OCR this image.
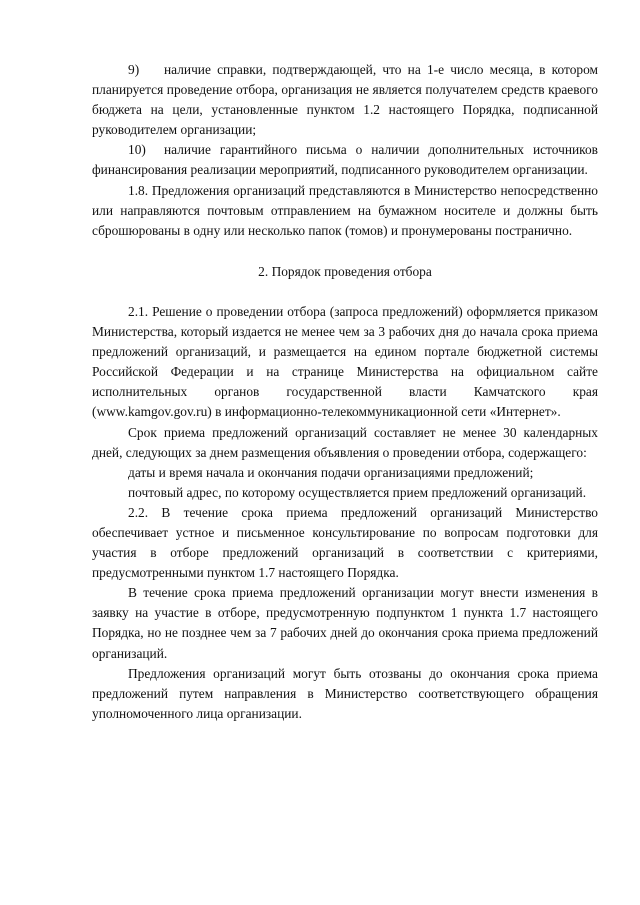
9) наличие справки, подтверждающей, что на 1-е число месяца, в котором планируется проведение отбора, организация не является получателем средств краевого бюджета на цели, установленные пунктом 1.2 настоящего Порядка, подписанной руководителем организации;

10) наличие гарантийного письма о наличии дополнительных источников финансирования реализации мероприятий, подписанного руководителем организации.

1.8. Предложения организаций представляются в Министерство непосредственно или направляются почтовым отправлением на бумажном носителе и должны быть сброшюрованы в одну или несколько папок (томов) и пронумерованы постранично.

2. Порядок проведения отбора

2.1. Решение о проведении отбора (запроса предложений) оформляется приказом Министерства, который издается не менее чем за 3 рабочих дня до начала срока приема предложений организаций, и размещается на едином портале бюджетной системы Российской Федерации и на странице Министерства на официальном сайте исполнительных органов государственной власти Камчатского края (www.kamgov.gov.ru) в информационно-телекоммуникационной сети «Интернет».

Срок приема предложений организаций составляет не менее 30 календарных дней, следующих за днем размещения объявления о проведении отбора, содержащего:

даты и время начала и окончания подачи организациями предложений;

почтовый адрес, по которому осуществляется прием предложений организаций.

2.2. В течение срока приема предложений организаций Министерство обеспечивает устное и письменное консультирование по вопросам подготовки для участия в отборе предложений организаций в соответствии с критериями, предусмотренными пунктом 1.7 настоящего Порядка.

В течение срока приема предложений организации могут внести изменения в заявку на участие в отборе, предусмотренную подпунктом 1 пункта 1.7 настоящего Порядка, но не позднее чем за 7 рабочих дней до окончания срока приема предложений организаций.

Предложения организаций могут быть отозваны до окончания срока приема предложений путем направления в Министерство соответствующего обращения уполномоченного лица организации.
